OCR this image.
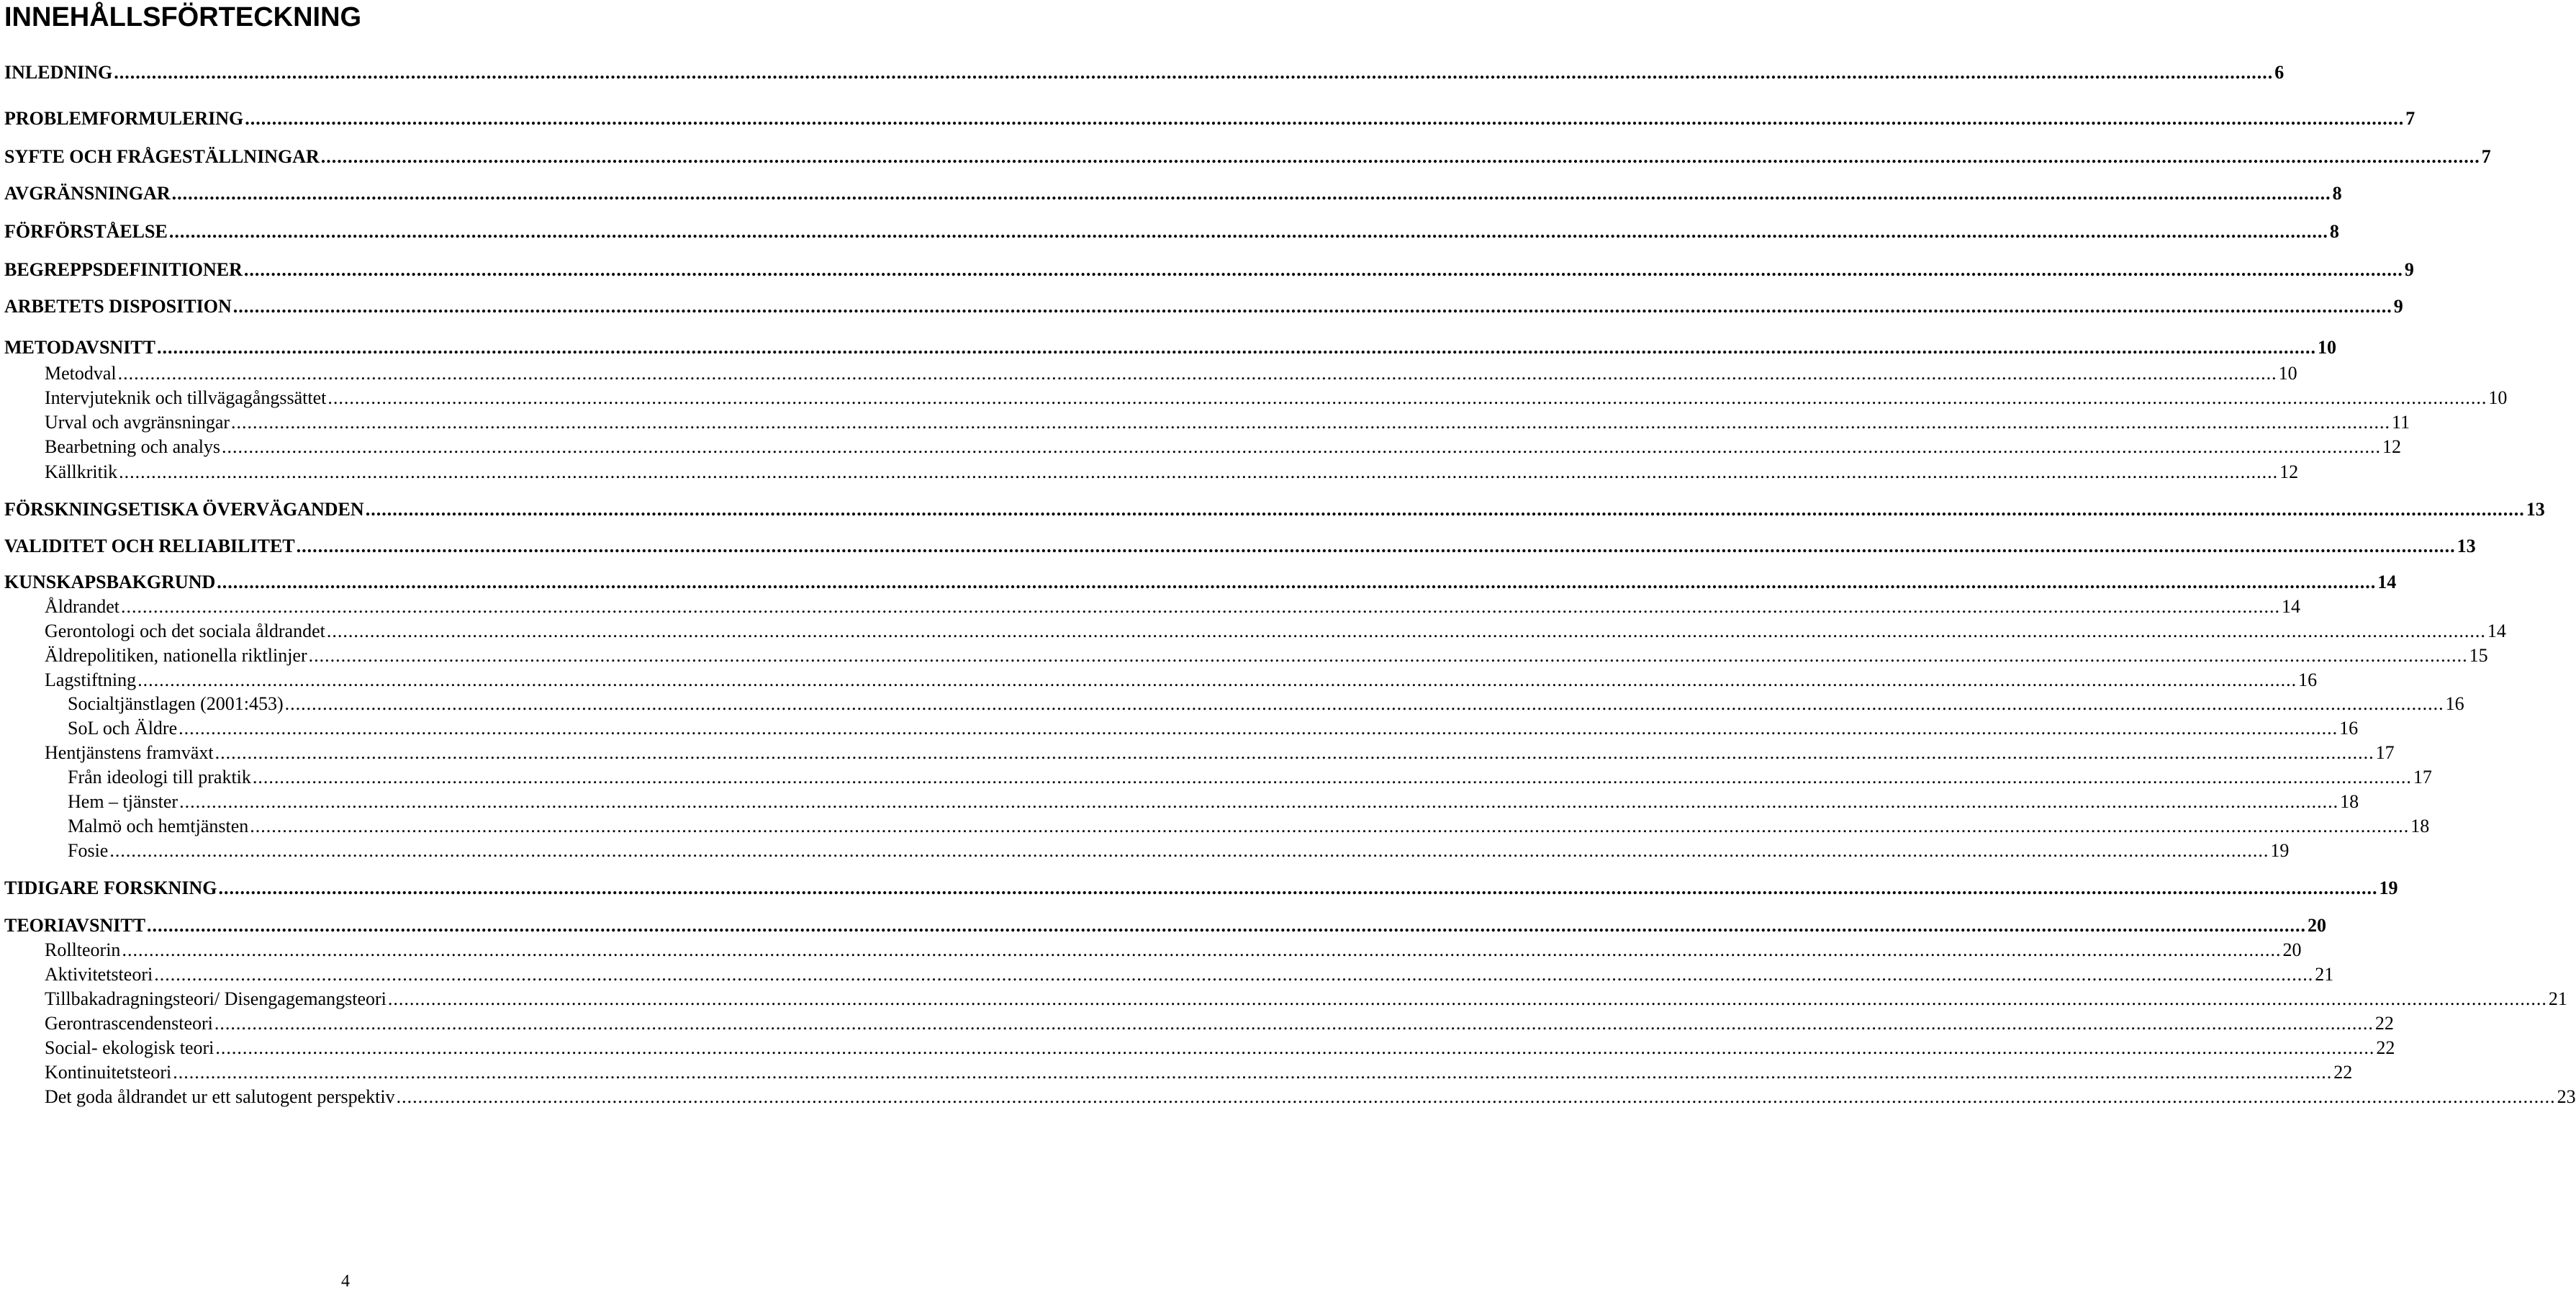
INNEHÅLLSFÖRTECKNING
INLEDNING ................................................................................................................................................................................................................................................................................................................................................................................................................ 6
PROBLEMFORMULERING ................................................................................................................................................................................................................................................................................................................................................................................................................ 7
SYFTE OCH FRÅGESTÄLLNINGAR ................................................................................................................................................................................................................................................................................................................................................................................................................ 7
AVGRÄNSNINGAR ................................................................................................................................................................................................................................................................................................................................................................................................................ 8
FÖRFÖRSTÅELSE ................................................................................................................................................................................................................................................................................................................................................................................................................ 8
BEGREPPSDEFINITIONER ................................................................................................................................................................................................................................................................................................................................................................................................................ 9
ARBETETS DISPOSITION ................................................................................................................................................................................................................................................................................................................................................................................................................ 9
METODAVSNITT ................................................................................................................................................................................................................................................................................................................................................................................................................ 10
Metodval ................................................................................................................................................................................................................................................................................................................................................................................................................ 10
Intervjuteknik och tillvägagångssättet ................................................................................................................................................................................................................................................................................................................................................................................................................ 10
Urval och avgränsningar ................................................................................................................................................................................................................................................................................................................................................................................................................ 11
Bearbetning och analys ................................................................................................................................................................................................................................................................................................................................................................................................................ 12
Källkritik ................................................................................................................................................................................................................................................................................................................................................................................................................ 12
FÖRSKNINGSETISKA ÖVERVÄGANDEN ................................................................................................................................................................................................................................................................................................................................................................................................................ 13
VALIDITET OCH RELIABILITET ................................................................................................................................................................................................................................................................................................................................................................................................................ 13
KUNSKAPSBAKGRUND ................................................................................................................................................................................................................................................................................................................................................................................................................ 14
Åldrandet ................................................................................................................................................................................................................................................................................................................................................................................................................ 14
Gerontologi och det sociala åldrandet ................................................................................................................................................................................................................................................................................................................................................................................................................ 14
Äldrepolitiken, nationella riktlinjer ................................................................................................................................................................................................................................................................................................................................................................................................................ 15
Lagstiftning ................................................................................................................................................................................................................................................................................................................................................................................................................ 16
Socialtjänstlagen (2001:453) ................................................................................................................................................................................................................................................................................................................................................................................................................ 16
SoL och Äldre ................................................................................................................................................................................................................................................................................................................................................................................................................ 16
Hentjänstens framväxt ................................................................................................................................................................................................................................................................................................................................................................................................................ 17
Från ideologi till praktik ................................................................................................................................................................................................................................................................................................................................................................................................................ 17
Hem – tjänster ................................................................................................................................................................................................................................................................................................................................................................................................................ 18
Malmö och hemtjänsten ................................................................................................................................................................................................................................................................................................................................................................................................................ 18
Fosie ................................................................................................................................................................................................................................................................................................................................................................................................................ 19
TIDIGARE FORSKNING ................................................................................................................................................................................................................................................................................................................................................................................................................ 19
TEORIAVSNITT ................................................................................................................................................................................................................................................................................................................................................................................................................ 20
Rollteorin ................................................................................................................................................................................................................................................................................................................................................................................................................ 20
Aktivitetsteori ................................................................................................................................................................................................................................................................................................................................................................................................................ 21
Tillbakadragningsteori/ Disengagemangsteori ................................................................................................................................................................................................................................................................................................................................................................................................................ 21
Gerontrascendensteori ................................................................................................................................................................................................................................................................................................................................................................................................................ 22
Social- ekologisk teori ................................................................................................................................................................................................................................................................................................................................................................................................................ 22
Kontinuitetsteori ................................................................................................................................................................................................................................................................................................................................................................................................................ 22
Det goda åldrandet ur ett salutogent perspektiv ................................................................................................................................................................................................................................................................................................................................................................................................................ 23
4
